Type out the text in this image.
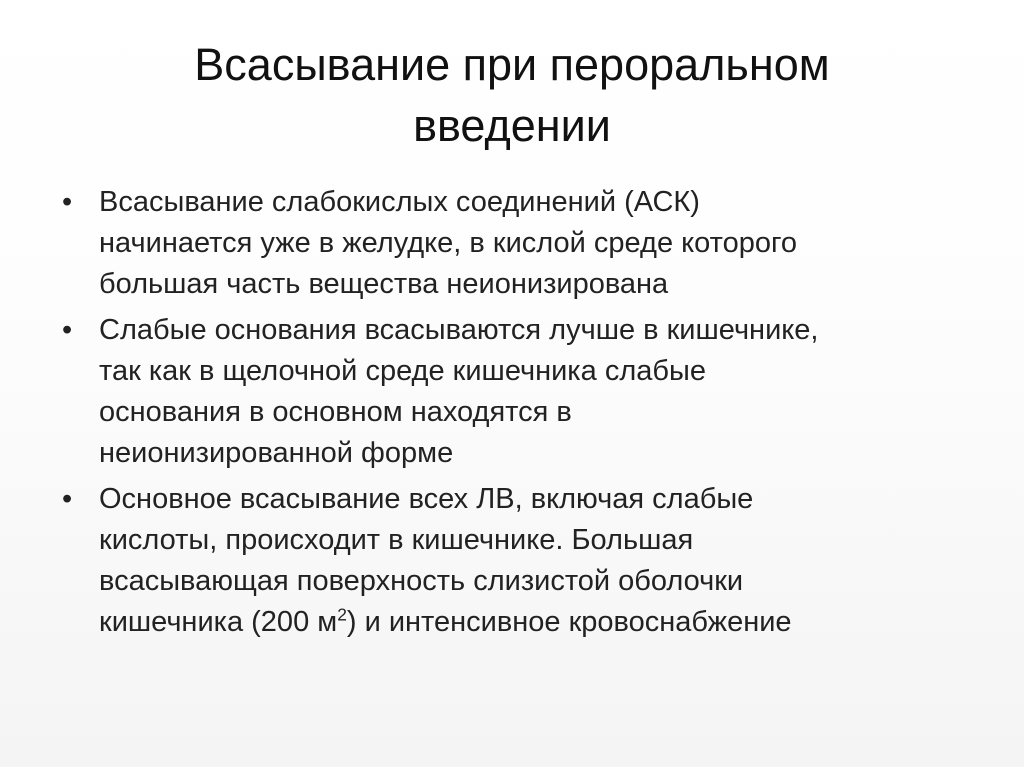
Всасывание при пероральном
введении
• Всасывание слабокислых соединений (АСК)
начинается уже в желудке, в кислой среде которого
большая часть вещества неионизирована
• Слабые основания всасываются лучше в кишечнике,
так как в щелочной среде кишечника слабые
основания в основном находятся в
неионизированной форме
• Основное всасывание всех ЛВ, включая слабые
кислоты, происходит в кишечнике. Большая
всасывающая поверхность слизистой оболочки
кишечника (200 $м^2$) и интенсивное кровоснабжение
